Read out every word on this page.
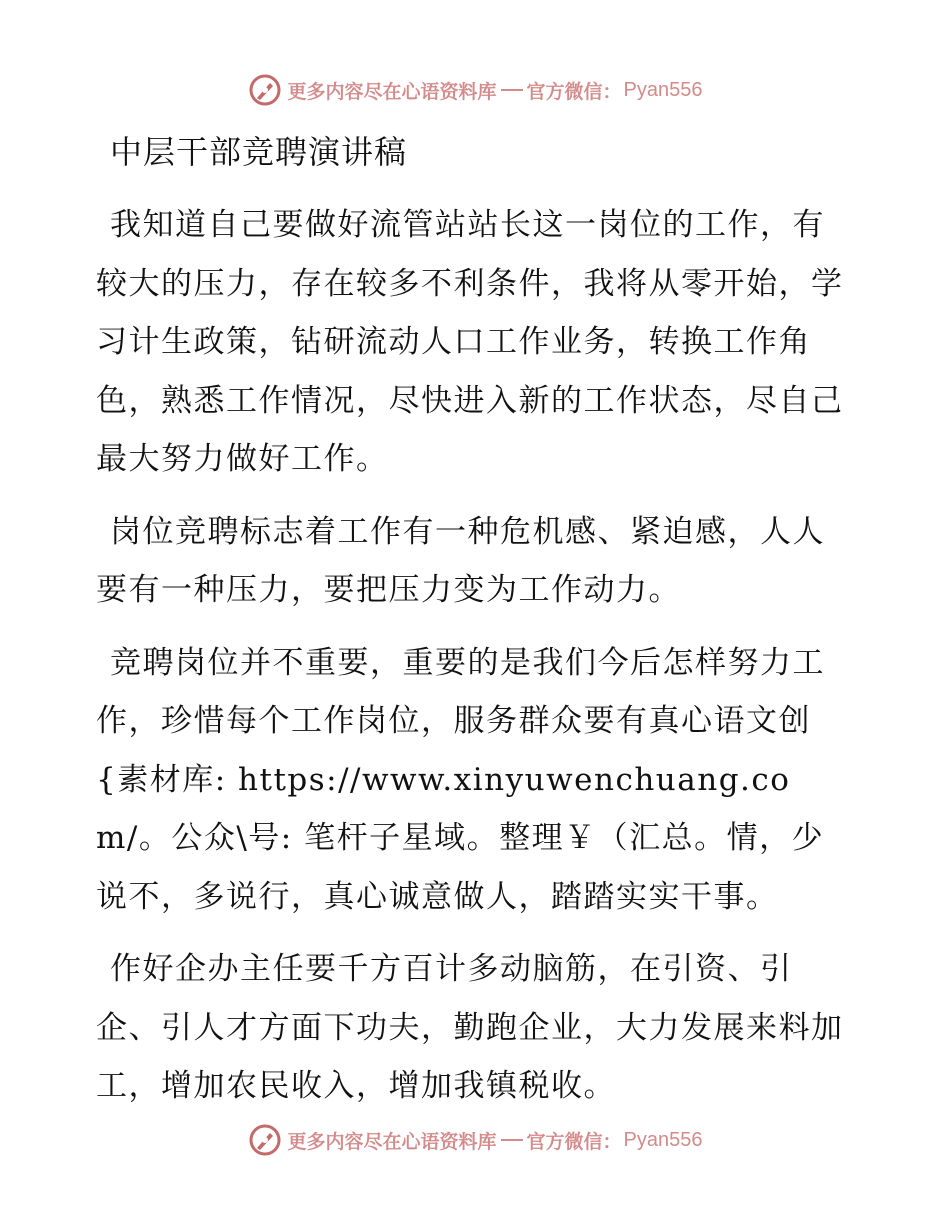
更多内容尽在心语资料库 官方微信： Pyan556
中层干部竞聘演讲稿

我知道自己要做好流管站站长这一岗位的工作，有较大的压力，存在较多不利条件，我将从零开始，学习计生政策，钻研流动人口工作业务，转换工作角色，熟悉工作情况，尽快进入新的工作状态，尽自己最大努力做好工作。

岗位竞聘标志着工作有一种危机感、紧迫感，人人要有一种压力，要把压力变为工作动力。

竞聘岗位并不重要，重要的是我们今后怎样努力工作，珍惜每个工作岗位，服务群众要有真心语文创{素材库: https://www.xinyuwenchuang.com/。公众\号: 笔杆子星域。整理￥（汇总。情，少说不，多说行，真心诚意做人，踏踏实实干事。

作好企办主任要千方百计多动脑筋，在引资、引企、引人才方面下功夫，勤跑企业，大力发展来料加工，增加农民收入，增加我镇税收。

更多内容尽在心语资料库 官方微信： Pyan556
